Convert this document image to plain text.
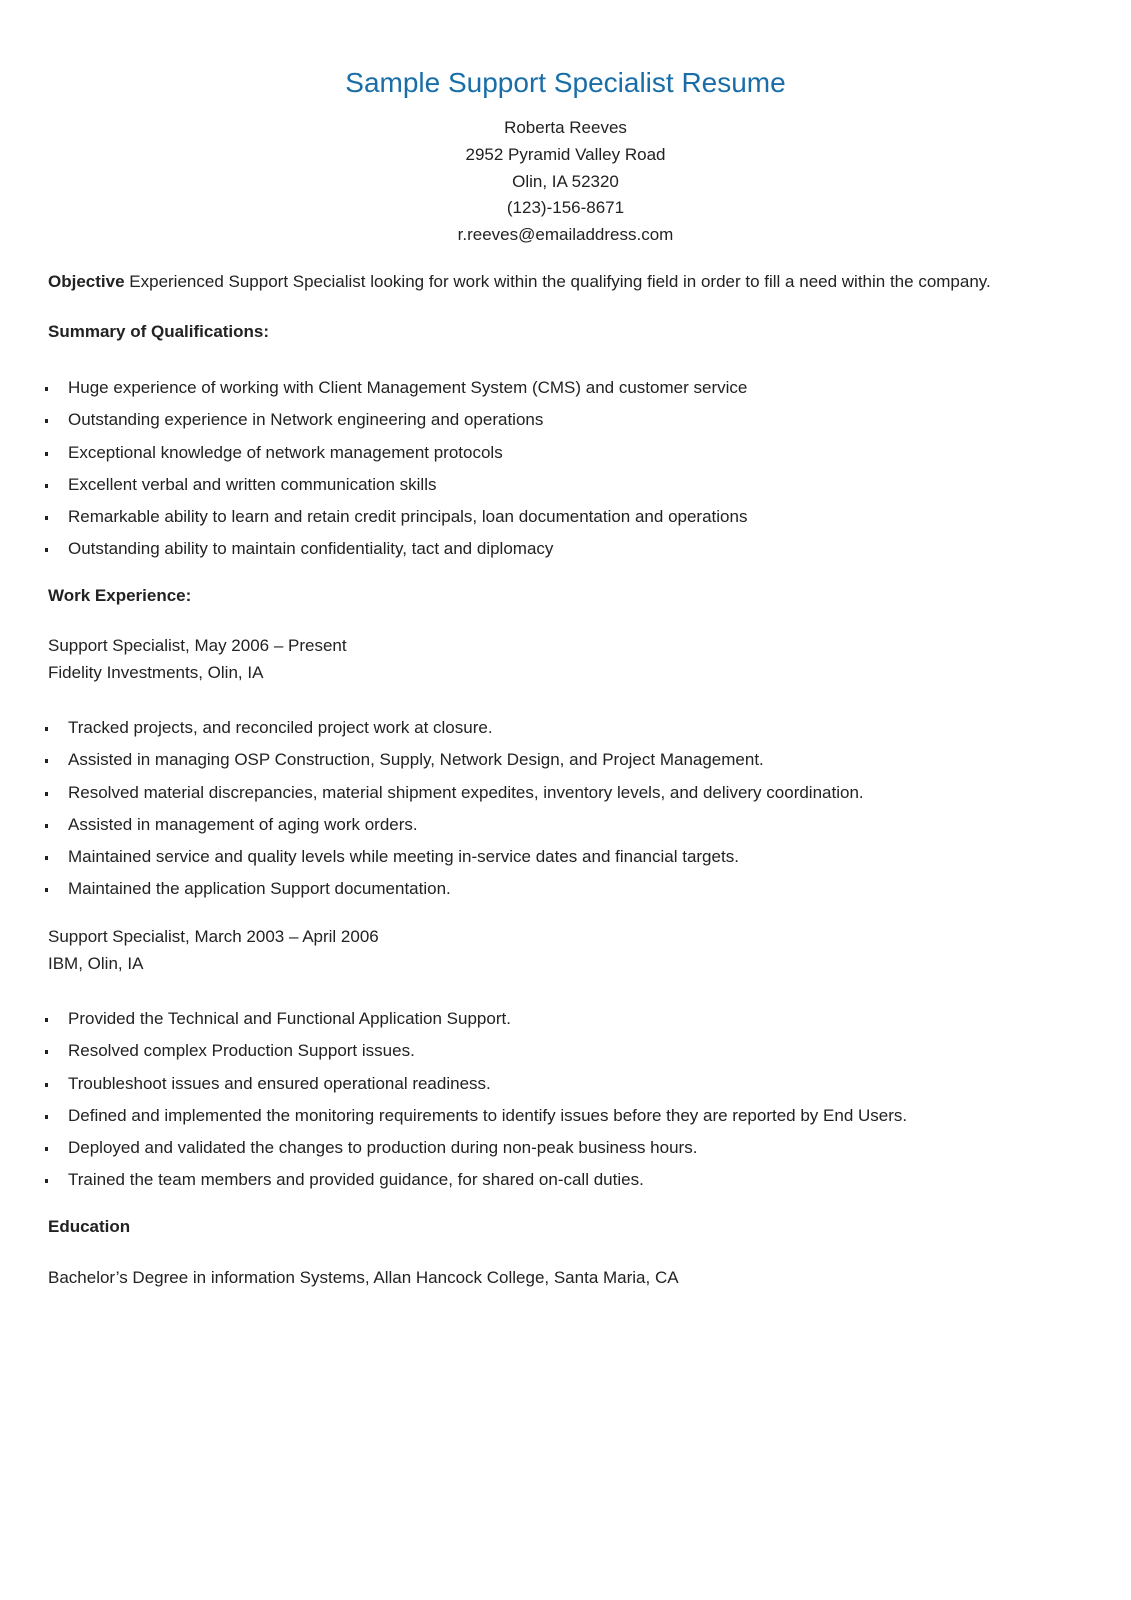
Sample Support Specialist Resume
Roberta Reeves
2952 Pyramid Valley Road
Olin, IA 52320
(123)-156-8671
r.reeves@emailaddress.com
Objective Experienced Support Specialist looking for work within the qualifying field in order to fill a need within the company.
Summary of Qualifications:
Huge experience of working with Client Management System (CMS) and customer service
Outstanding experience in Network engineering and operations
Exceptional knowledge of network management protocols
Excellent verbal and written communication skills
Remarkable ability to learn and retain credit principals, loan documentation and operations
Outstanding ability to maintain confidentiality, tact and diplomacy
Work Experience:
Support Specialist, May 2006 – Present
Fidelity Investments, Olin, IA
Tracked projects, and reconciled project work at closure.
Assisted in managing OSP Construction, Supply, Network Design, and Project Management.
Resolved material discrepancies, material shipment expedites, inventory levels, and delivery coordination.
Assisted in management of aging work orders.
Maintained service and quality levels while meeting in-service dates and financial targets.
Maintained the application Support documentation.
Support Specialist, March 2003 – April 2006
IBM, Olin, IA
Provided the Technical and Functional Application Support.
Resolved complex Production Support issues.
Troubleshoot issues and ensured operational readiness.
Defined and implemented the monitoring requirements to identify issues before they are reported by End Users.
Deployed and validated the changes to production during non-peak business hours.
Trained the team members and provided guidance, for shared on-call duties.
Education
Bachelor’s Degree in information Systems, Allan Hancock College, Santa Maria, CA
